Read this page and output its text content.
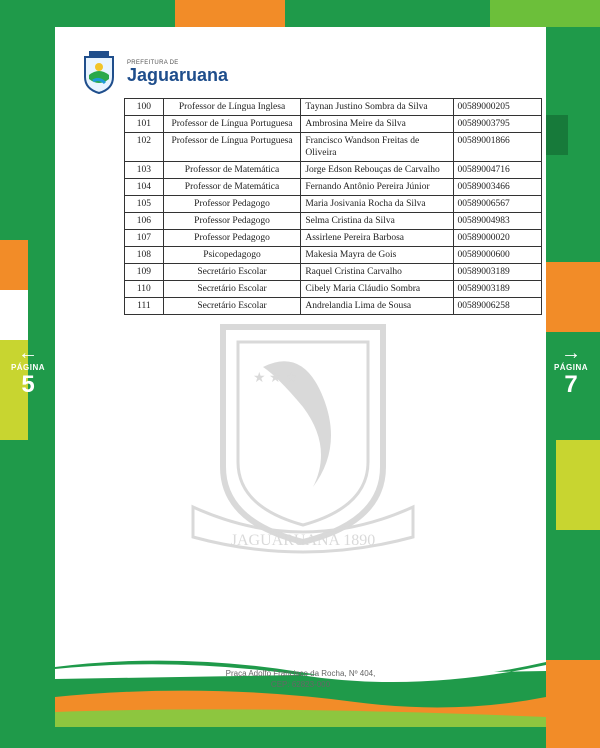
PREFEITURA DE
Jaguaruana
★ ★ ★
JAGUARUANA 1890
100	Professor de Língua Inglesa	Taynan Justino Sombra da Silva	00589000205
101	Professor de Língua Portuguesa	Ambrosina Meire da Silva	00589003795
102	Professor de Língua Portuguesa	Francisco Wandson Freitas de Oliveira	00589001866
103	Professor de Matemática	Jorge Edson Rebouças de Carvalho	00589004716
104	Professor de Matemática	Fernando Antônio Pereira Júnior	00589003466
105	Professor Pedagogo	Maria Josivania Rocha da Silva	00589006567
106	Professor Pedagogo	Selma Cristina da Silva	00589004983
107	Professor Pedagogo	Assirlene Pereira Barbosa	00589000020
108	Psicopedagogo	Makesia Mayra de Gois	00589000600
109	Secretário Escolar	Raquel Cristina Carvalho	00589003189
110	Secretário Escolar	Cibely Maria Cláudio Sombra	00589003189
111	Secretário Escolar	Andrelandia Lima de Sousa	00589006258
Praça Adolfo Francisco da Rocha, Nº 404,
CEP: 62823-000
←
PÁGINA
5
→
PÁGINA
7
